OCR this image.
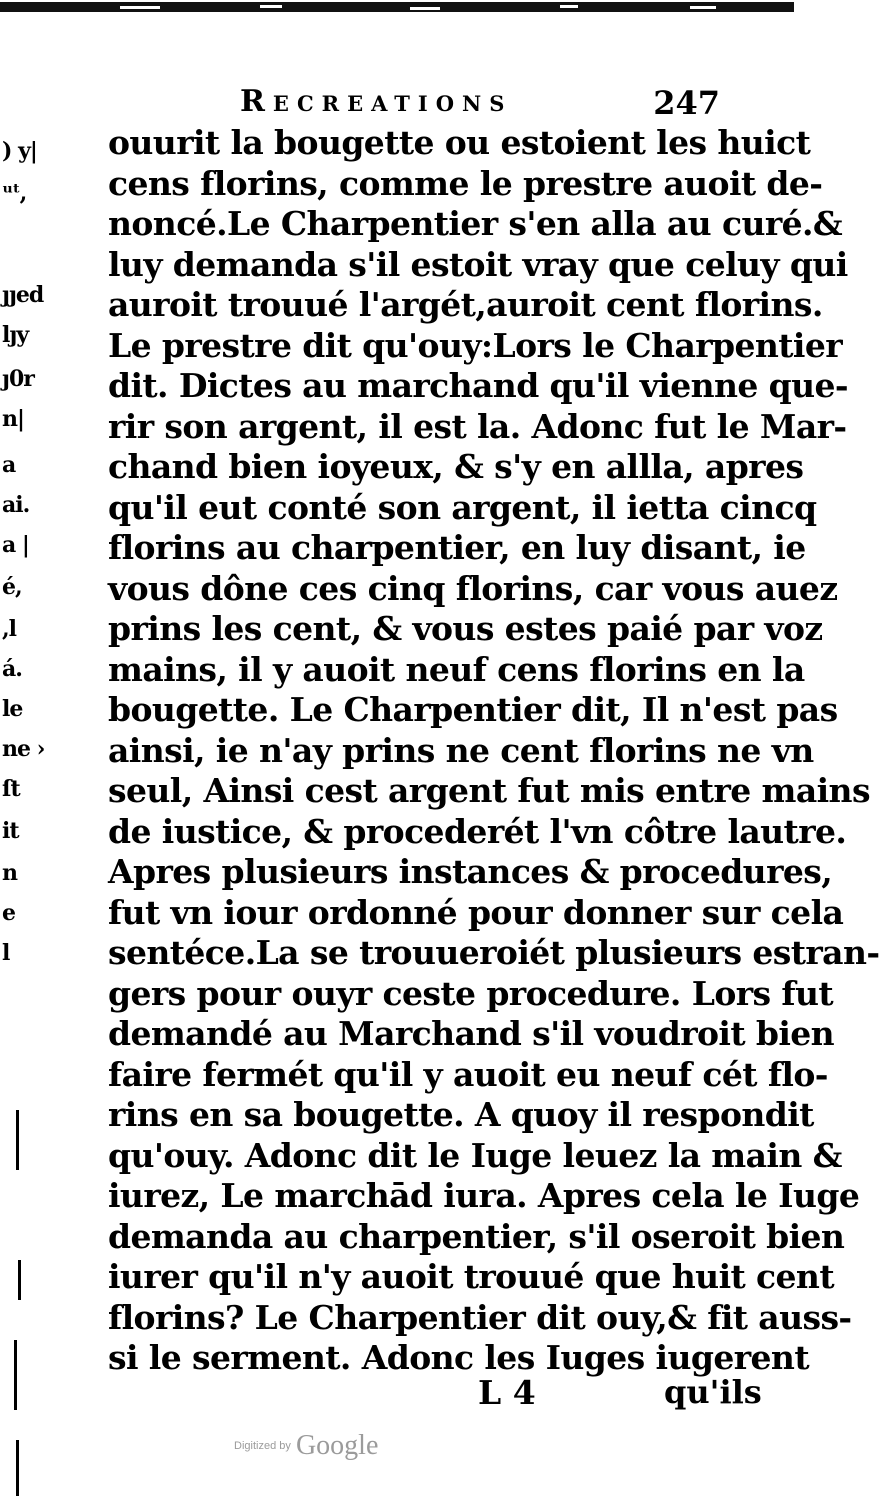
) y|
ᵘᵗ,
ȷȷed
lȷy
ȷ0r
n|
a
ai.
a |
é,
,l
á.
le
ne ›
ſt
it
n
e
l
Recreations	247
ouurit la bougette ou estoient les huict
cens florins, comme le prestre auoit de-
noncé.Le Charpentier s'en alla au curé.&
luy demanda s'il estoit vray que celuy qui
auroit trouué l'argét,auroit cent florins.
Le prestre dit qu'ouy:Lors le Charpentier
dit. Dictes au marchand qu'il vienne que-
rir son argent, il est la. Adonc fut le Mar-
chand bien ioyeux, & s'y en allla, apres
qu'il eut conté son argent, il ietta cincq
florins au charpentier, en luy disant, ie
vous dône ces cinq florins, car vous auez
prins les cent, & vous estes paié par voz
mains, il y auoit neuf cens florins en la
bougette. Le Charpentier dit, Il n'est pas
ainsi, ie n'ay prins ne cent florins ne vn
seul, Ainsi cest argent fut mis entre mains
de iustice, & procederét l'vn côtre lautre.
Apres plusieurs instances & procedures,
fut vn iour ordonné pour donner sur cela
sentéce.La se trouueroiét plusieurs estran-
gers pour ouyr ceste procedure. Lors fut
demandé au Marchand s'il voudroit bien
faire fermét qu'il y auoit eu neuf cét flo-
rins en sa bougette. A quoy il respondit
qu'ouy. Adonc dit le Iuge leuez la main &
iurez, Le marchād iura. Apres cela le Iuge
demanda au charpentier, s'il oseroit bien
iurer qu'il n'y auoit trouué que huit cent
florins? Le Charpentier dit ouy,& fit auss-
si le serment. Adonc les Iuges iugerent
L 4	qu'ils
Digitized by Google
